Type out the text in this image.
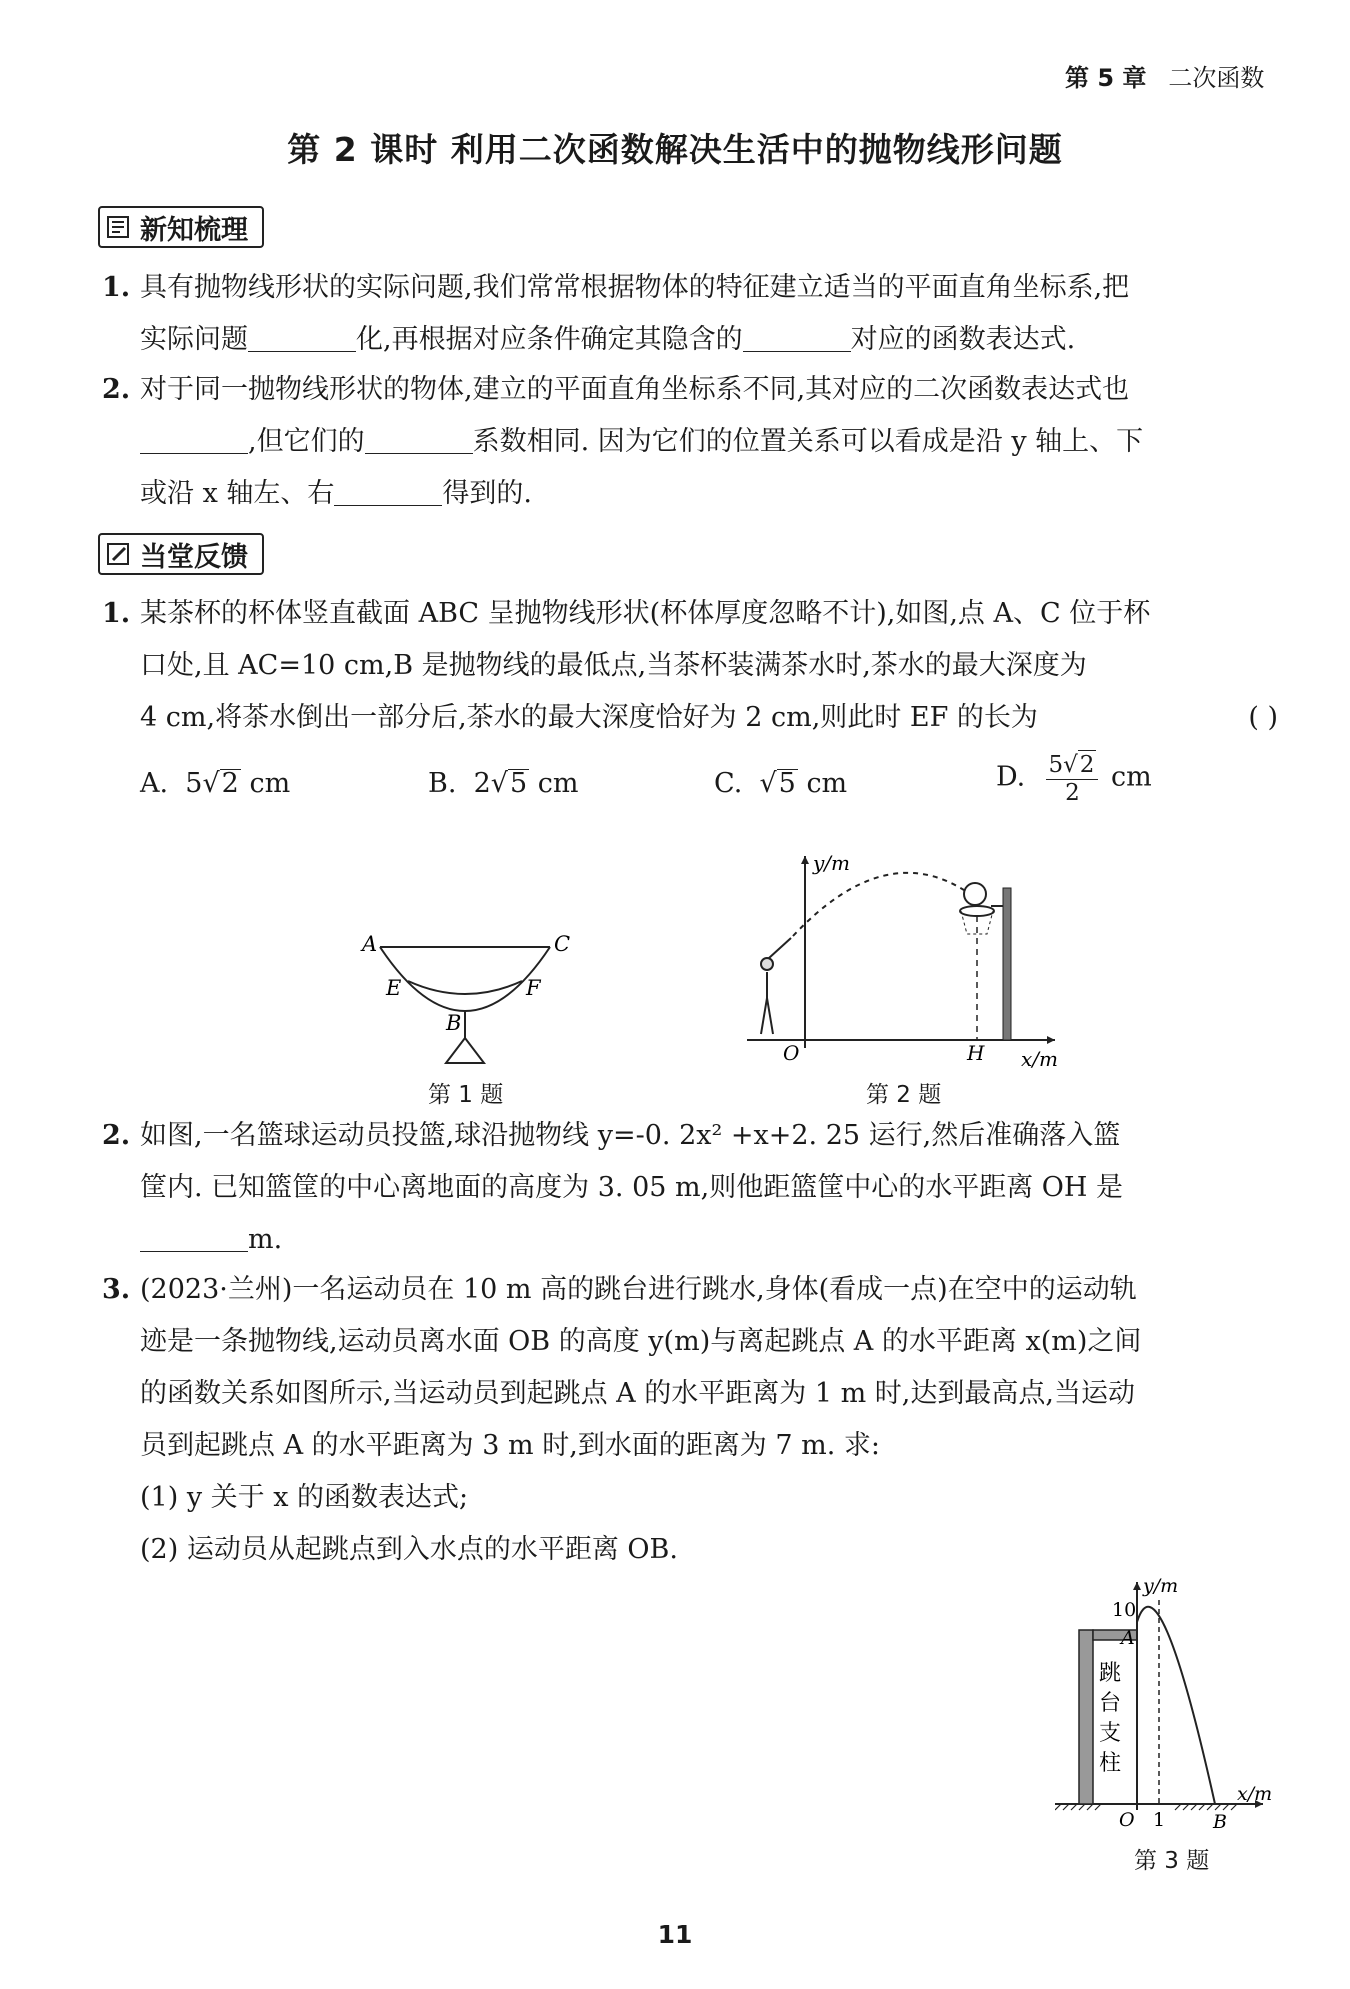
第 5 章 二次函数
第 2 课时 利用二次函数解决生活中的抛物线形问题
新知梳理
1. 具有抛物线形状的实际问题,我们常常根据物体的特征建立适当的平面直角坐标系,把
实际问题	化,再根据对应条件确定其隐含的	对应的函数表达式.
2. 对于同一抛物线形状的物体,建立的平面直角坐标系不同,其对应的二次函数表达式也
,但它们的	系数相同. 因为它们的位置关系可以看成是沿 y 轴上、下
或沿 x 轴左、右	得到的.
当堂反馈
1. 某茶杯的杯体竖直截面 ABC 呈抛物线形状(杯体厚度忽略不计),如图,点 A、C 位于杯
口处,且 AC=10 cm,B 是抛物线的最低点,当茶杯装满茶水时,茶水的最大深度为
4 cm,将茶水倒出一部分后,茶水的最大深度恰好为 2 cm,则此时 EF 的长为	( )
A. 5√2 cm	B. 2√5 cm	C.  √5 cm	D. $\frac{5√2}{2}$ cm
A	C
E	F
B
第 1 题
y/m
x/m
O	H
第 2 题
2. 如图,一名篮球运动员投篮,球沿抛物线 y=-0. 2x² +x+2. 25 运行,然后准确落入篮
筐内. 已知篮筐的中心离地面的高度为 3. 05 m,则他距篮筐中心的水平距离 OH 是
m.
3. (2023·兰州)一名运动员在 10 m 高的跳台进行跳水,身体(看成一点)在空中的运动轨
迹是一条抛物线,运动员离水面 OB 的高度 y(m)与离起跳点 A 的水平距离 x(m)之间
的函数关系如图所示,当运动员到起跳点 A 的水平距离为 1 m 时,达到最高点,当运动
员到起跳点 A 的水平距离为 3 m 时,到水面的距离为 7 m. 求:
(1) y 关于 x 的函数表达式;
(2) 运动员从起跳点到入水点的水平距离 OB.
y/m
x/m
10
A
O 1	B
跳
台
支
柱
第 3 题
11
